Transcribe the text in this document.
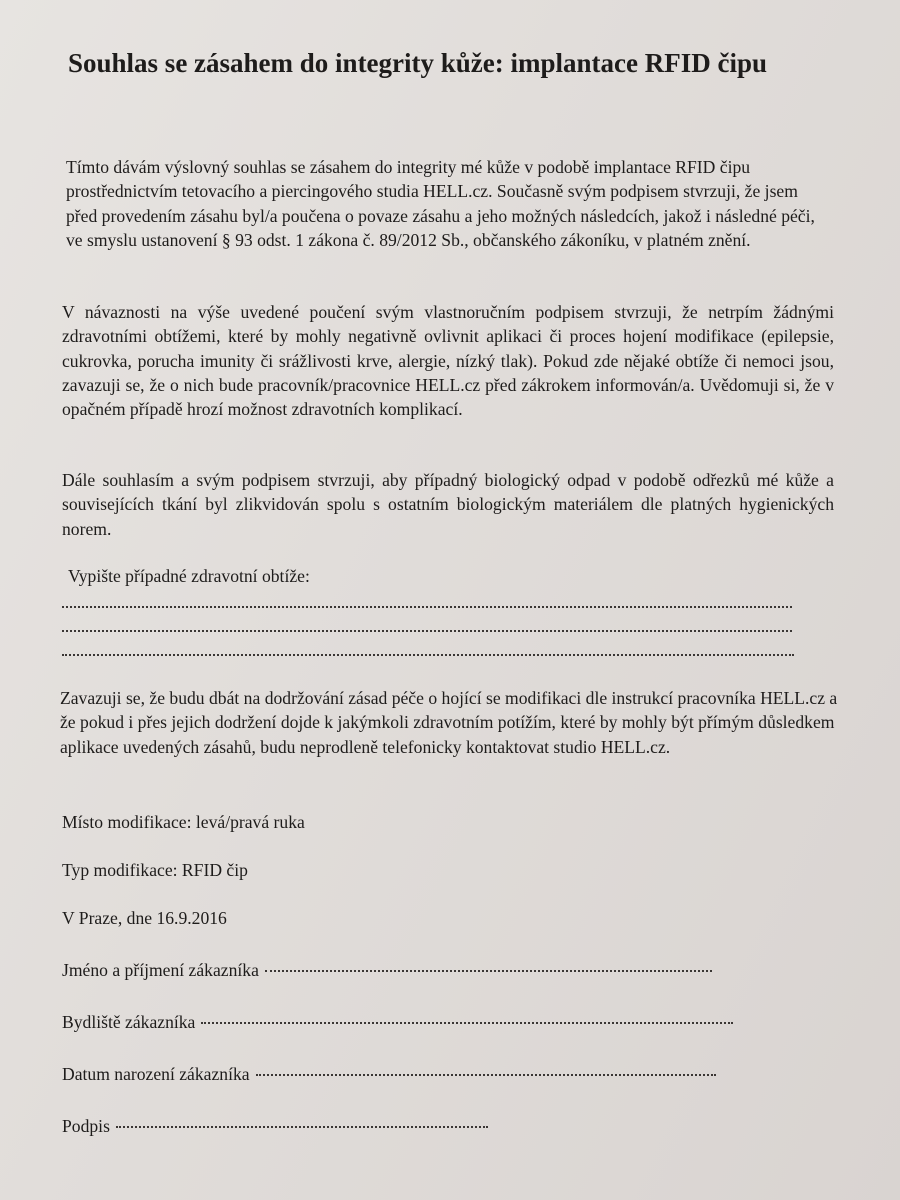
Souhlas se zásahem do integrity kůže: implantace RFID čipu

Tímto dávám výslovný souhlas se zásahem do integrity mé kůže v podobě implantace RFID čipu prostřednictvím tetovacího a piercingového studia HELL.cz. Současně svým podpisem stvrzuji, že jsem před provedením zásahu byl/a poučena o povaze zásahu a jeho možných následcích, jakož i následné péči, ve smyslu ustanovení § 93 odst. 1 zákona č. 89/2012 Sb., občanského zákoníku, v platném znění.

V návaznosti na výše uvedené poučení svým vlastnoručním podpisem stvrzuji, že netrpím žádnými zdravotními obtížemi, které by mohly negativně ovlivnit aplikaci či proces hojení modifikace (epilepsie, cukrovka, porucha imunity či srážlivosti krve, alergie, nízký tlak). Pokud zde nějaké obtíže či nemoci jsou, zavazuji se, že o nich bude pracovník/pracovnice HELL.cz před zákrokem informován/a. Uvědomuji si, že v opačném případě hrozí možnost zdravotních komplikací.

Dále souhlasím a svým podpisem stvrzuji, aby případný biologický odpad v podobě odřezků mé kůže a souvisejících tkání byl zlikvidován spolu s ostatním biologickým materiálem dle platných hygienických norem.

Vypište případné zdravotní obtíže:

Zavazuji se, že budu dbát na dodržování zásad péče o hojící se modifikaci dle instrukcí pracovníka HELL.cz a že pokud i přes jejich dodržení dojde k jakýmkoli zdravotním potížím, které by mohly být přímým důsledkem aplikace uvedených zásahů, budu neprodleně telefonicky kontaktovat studio HELL.cz.

Místo modifikace: levá/pravá ruka

Typ modifikace: RFID čip

V Praze, dne 16.9.2016

Jméno a příjmení zákazníka
Bydliště zákazníka
Datum narození zákazníka
Podpis
